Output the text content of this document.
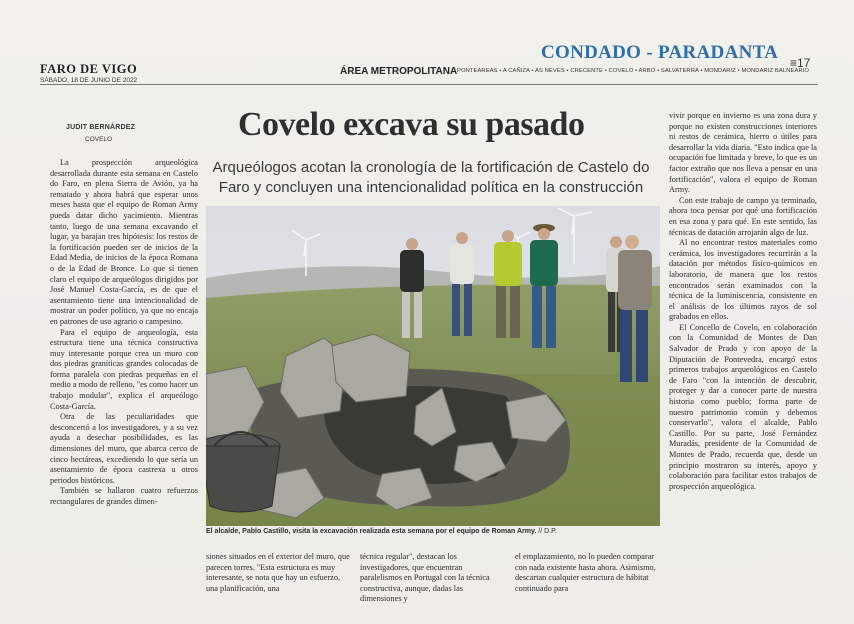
CONDADO - PARADANTA ≡17
FARO DE VIGO
SÁBADO, 18 DE JUNIO DE 2022
ÁREA METROPOLITANA PONTEAREAS • A CAÑIZA • AS NEVES • CRECENTE • COVELO • ARBO • SALVATERRA • MONDARIZ • MONDARIZ BALNEARIO
JUDIT BERNÁRDEZ
COVELO

La prospección arqueológica desarrollada durante esta semana en Castelo do Faro, en plena Sierra de Avión, ya ha rematado y ahora habrá que esperar unos meses hasta que el equipo de Roman Army pueda datar dicho yacimiento. Mientras tanto, luego de una semana excavando el lugar, ya barajan tres hipótesis: los restos de la fortificación pueden ser de inicios de la Edad Media, de inicios de la época Romana o de la Edad de Bronce. Lo que sí tienen claro el equipo de arqueólogos dirigidos por José Manuel Costa-García, es de que el asentamiento tiene una intencionalidad de mostrar un poder político, ya que no encaja en patrones de uso agrario o campesino.

Para el equipo de arqueología, esta estructura tiene una técnica constructiva muy interesante porque crea un muro con dos piedras graníticas grandes colocadas de forma paralela con piedras pequeñas en el medio a modo de relleno, "es como hacer un trabajo modular", explica el arqueólogo Costa-García.

Otra de las peculiaridades que desconcertó a los investigadores, y a su vez ayuda a desechar posibilidades, es las dimensiones del muro, que abarca cerco de cinco hectáreas, excediendo lo que sería un asentamiento de época castrexa u otros periodos históricos.

También se hallaron cuatro refuerzos rectangulares de grandes dimen-

Covelo excava su pasado
Arqueólogos acotan la cronología de la fortificación de Castelo do Faro y concluyen una intencionalidad política en la construcción
El alcalde, Pablo Castillo, visita la excavación realizada esta semana por el equipo de Roman Army. // D.P.
siones situados en el exterior del muro, que parecen torres. "Esta estructura es muy interesante, se nota que hay un esfuerzo, una planificación, una
técnica regular", destacan los investigadores, que encuentran paralelismos en Portugal con la técnica constructiva, aunque, dadas las dimensiones y
el emplazamiento, no lo pueden comparar con nada existente hasta ahora. Asimismo, descartan cualquier estructura de hábitat continuado para

vivir porque en invierno es una zona dura y porque no existen construcciones interiores ni restos de cerámica, hierro o útiles para desarrollar la vida diaria. "Esto indica que la ocupación fue limitada y breve, lo que es un factor extraño que nos lleva a pensar en una fortificación", valora el equipo de Roman Army.

Con este trabajo de campo ya terminado, ahora toca pensar por qué una fortificación en esa zona y para qué. En este sentido, las técnicas de datación arrojarán algo de luz.

Al no encontrar restos materiales como cerámica, los investigadores recurrirán a la datación por métodos físico-químicos en laboratorio, de manera que los restos encontrados serán examinados con la técnica de la luminiscencia, consistente en el análisis de los últimos rayos de sol grabados en ellos.

El Concello de Covelo, en colaboración con la Comunidad de Montes de Dan Salvador de Prado y con apoyo de la Diputación de Pontevedra, encargó estos primeros trabajos arqueológicos en Castelo de Faro "con la intención de descubrir, proteger y dar a conocer parte de nuestra historia como pueblo; forma parte de nuestro patrimonio común y debemos conservarlo", valora el alcalde, Pablo Castillo. Por su parte, José Fernández Muradás, presidente de la Comunidad de Montes de Prado, recuerda que, desde un principio mostraron su interés, apoyo y colaboración para facilitar estos trabajos de prospección arqueológica.
